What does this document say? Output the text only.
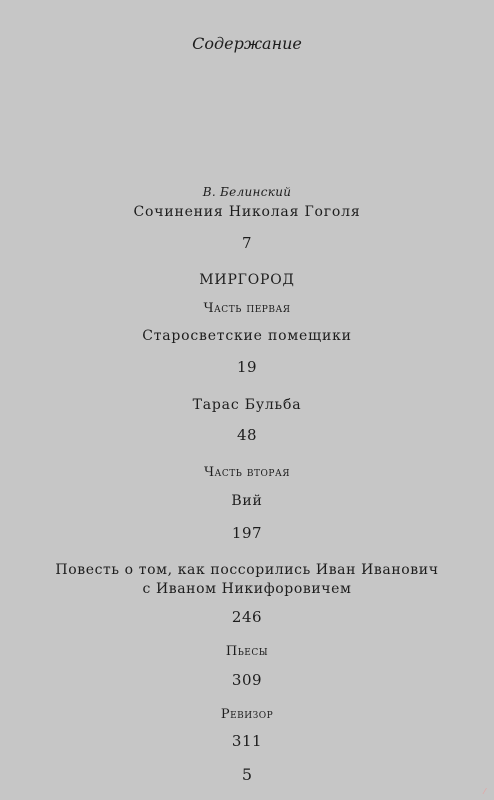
Содержание
В. Белинский
Сочинения Николая Гоголя
7
МИРГОРОД
Часть первая
Старосветские помещики
19
Тарас Бульба
48
Часть вторая
Вий
197
Повесть о том, как поссорились Иван Иванович
с Иваном Никифоровичем
246
Пьесы
309
Ревизор
311
5
⁄
